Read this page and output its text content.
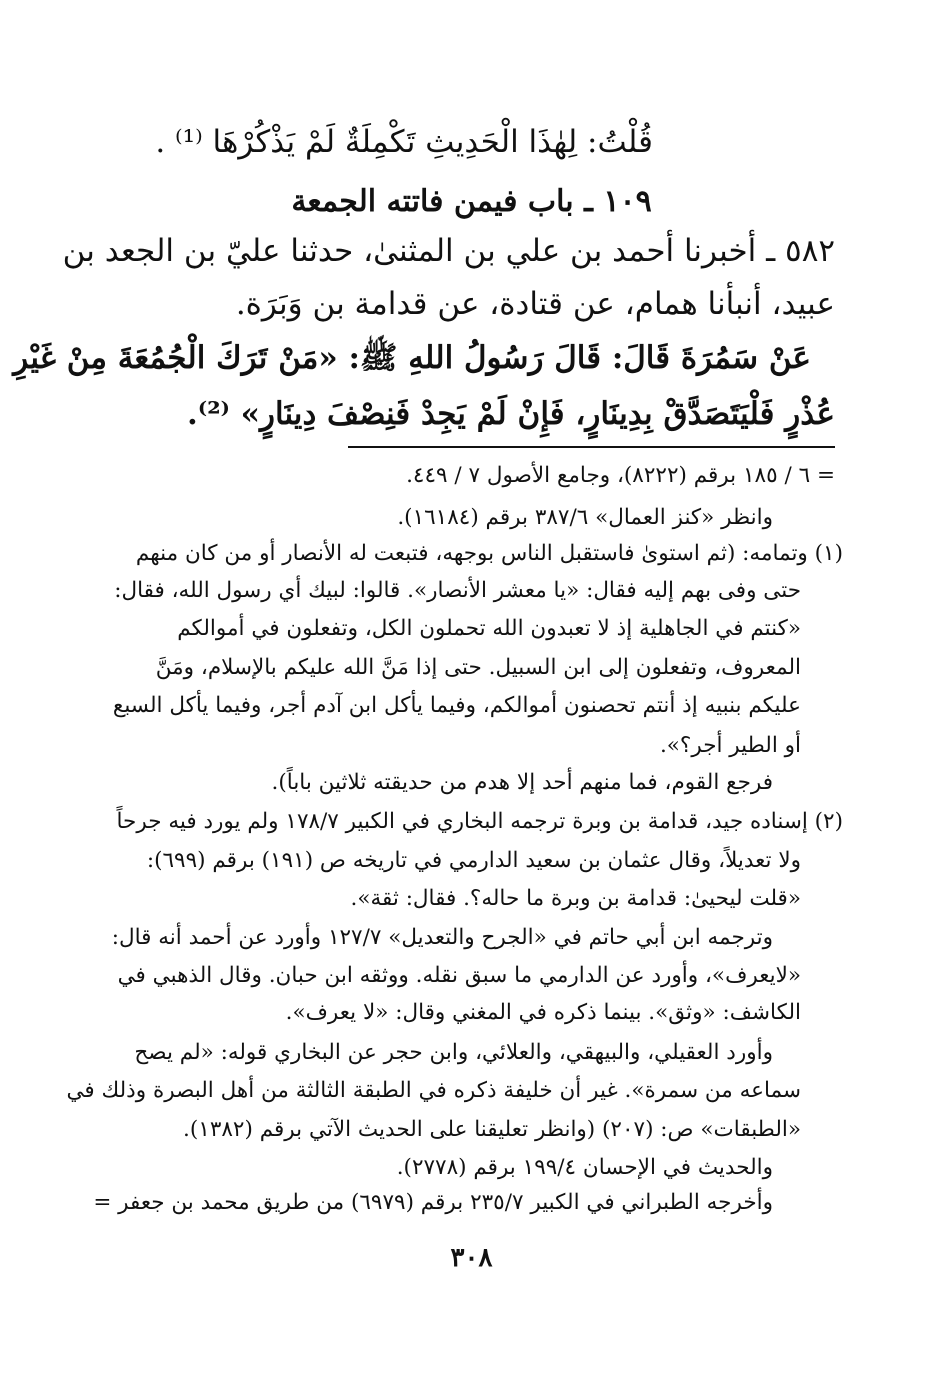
قُلْتُ: لِهٰذَا الْحَدِيثِ تَكْمِلَةٌ لَمْ يَذْكُرْهَا ⁽¹⁾ .
١٠٩ ـ باب فيمن فاتته الجمعة
٥٨٢ ـ أخبرنا أحمد بن علي بن المثنىٰ، حدثنا عليّ بن الجعد بن
عبيد، أنبأنا همام، عن قتادة، عن قدامة بن وَبَرَة.
عَنْ سَمُرَةَ قَالَ: قَالَ رَسُولُ اللهِ ﷺ: «مَنْ تَرَكَ الْجُمُعَةَ مِنْ غَيْرِ
عُذْرٍ فَلْيَتَصَدَّقْ بِدِينَارٍ، فَإِنْ لَمْ يَجِدْ فَنِصْفَ دِينَارٍ» ⁽²⁾.
= ٦ / ١٨٥ برقم (٨٢٢٢)، وجامع الأصول ٧ / ٤٤٩.
وانظر «كنز العمال» ٣٨٧/٦ برقم (١٦١٨٤).
(١) وتمامه: (ثم استوىٰ فاستقبل الناس بوجهه، فتبعت له الأنصار أو من كان منهم
حتى وفى بهم إليه فقال: «يا معشر الأنصار». قالوا: لبيك أي رسول الله، فقال:
«كنتم في الجاهلية إذ لا تعبدون الله تحملون الكل، وتفعلون في أموالكم
المعروف، وتفعلون إلى ابن السبيل. حتى إذا مَنَّ الله عليكم بالإسلام، ومَنَّ
عليكم بنبيه إذ أنتم تحصنون أموالكم، وفيما يأكل ابن آدم أجر، وفيما يأكل السبع
أو الطير أجر؟».
فرجع القوم، فما منهم أحد إلا هدم من حديقته ثلاثين باباً).
(٢) إسناده جيد، قدامة بن وبرة ترجمه البخاري في الكبير ١٧٨/٧ ولم يورد فيه جرحاً
ولا تعديلاً، وقال عثمان بن سعيد الدارمي في تاريخه ص (١٩١) برقم (٦٩٩):
«قلت ليحيىٰ: قدامة بن وبرة ما حاله؟. فقال: ثقة».
وترجمه ابن أبي حاتم في «الجرح والتعديل» ١٢٧/٧ وأورد عن أحمد أنه قال:
«لايعرف»، وأورد عن الدارمي ما سبق نقله. ووثقه ابن حبان. وقال الذهبي في
الكاشف: «وثق». بينما ذكره في المغني وقال: «لا يعرف».
وأورد العقيلي، والبيهقي، والعلائي، وابن حجر عن البخاري قوله: «لم يصح
سماعه من سمرة». غير أن خليفة ذكره في الطبقة الثالثة من أهل البصرة وذلك في
«الطبقات» ص: (٢٠٧) (وانظر تعليقنا على الحديث الآتي برقم (١٣٨٢).
والحديث في الإحسان ١٩٩/٤ برقم (٢٧٧٨).
وأخرجه الطبراني في الكبير ٢٣٥/٧ برقم (٦٩٧٩) من طريق محمد بن جعفر =
٣٠٨
